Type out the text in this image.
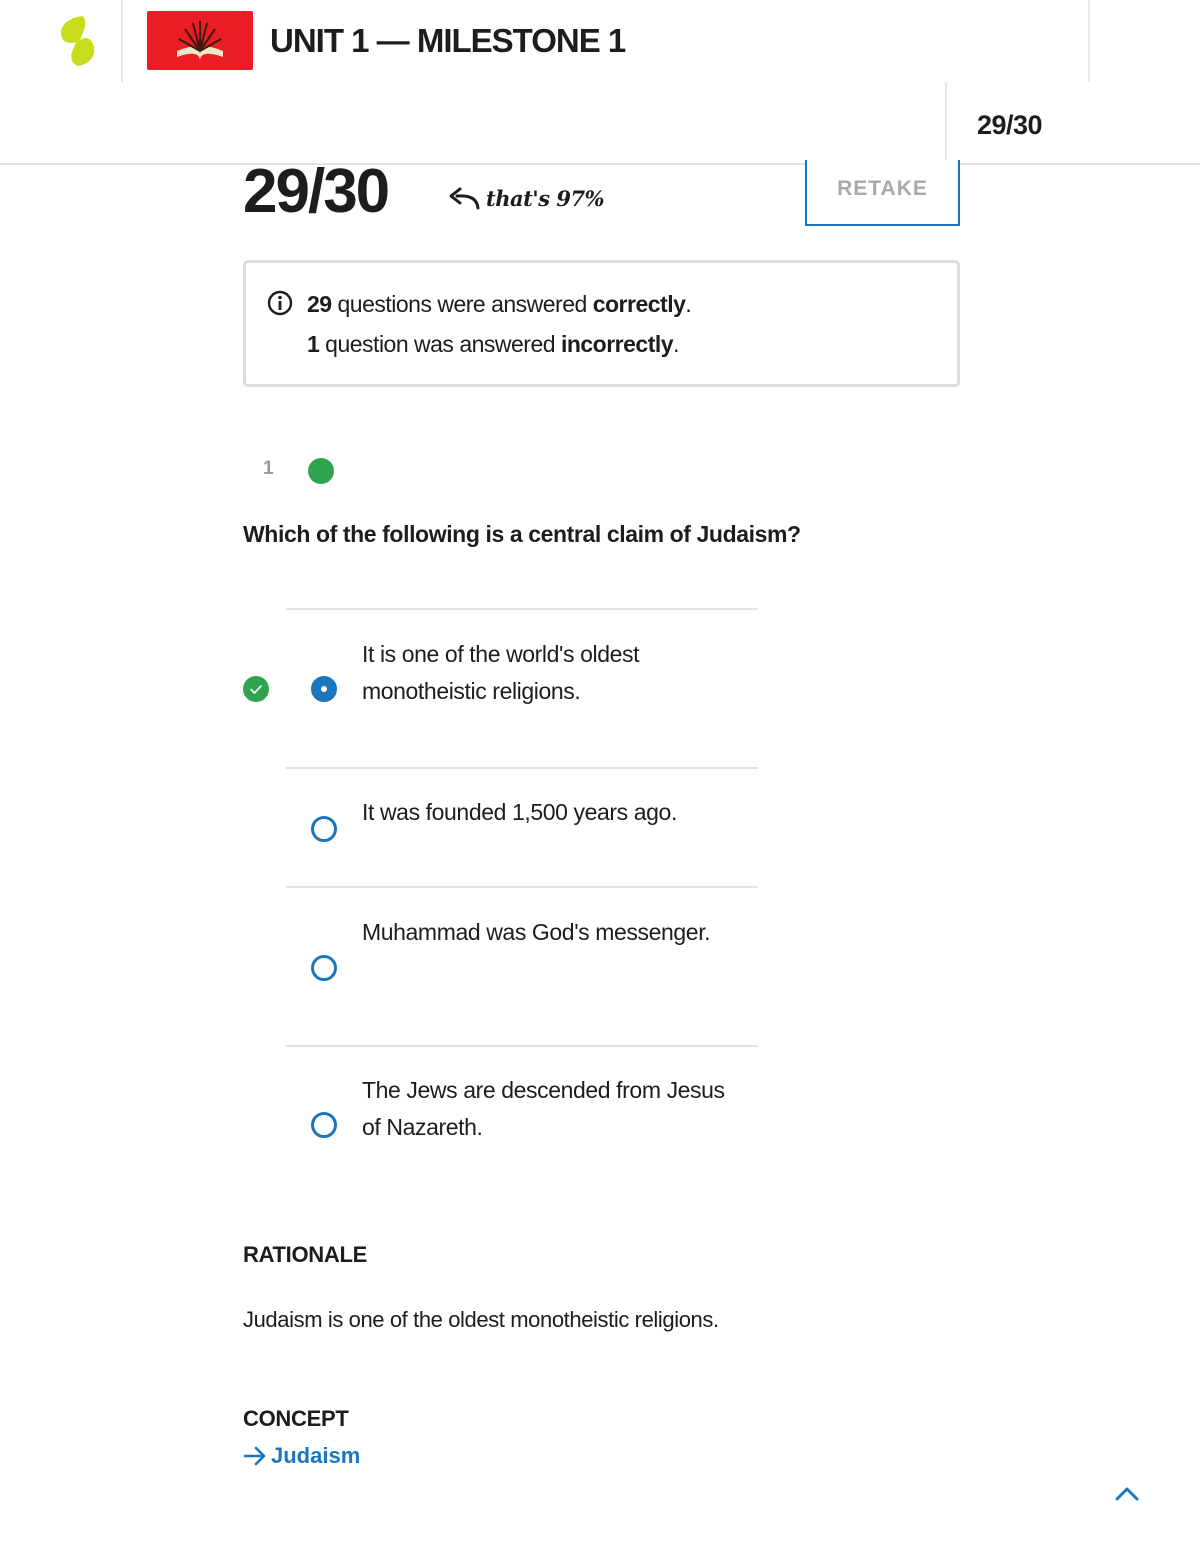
UNIT 1 — MILESTONE 1
29/30
29/30	that's 97%	RETAKE
29 questions were answered correctly.
1 question was answered incorrectly.
1
Which of the following is a central claim of Judaism?
It is one of the world's oldest monotheistic religions.
It was founded 1,500 years ago.
Muhammad was God's messenger.
The Jews are descended from Jesus of Nazareth.
RATIONALE
Judaism is one of the oldest monotheistic religions.
CONCEPT
Judaism
